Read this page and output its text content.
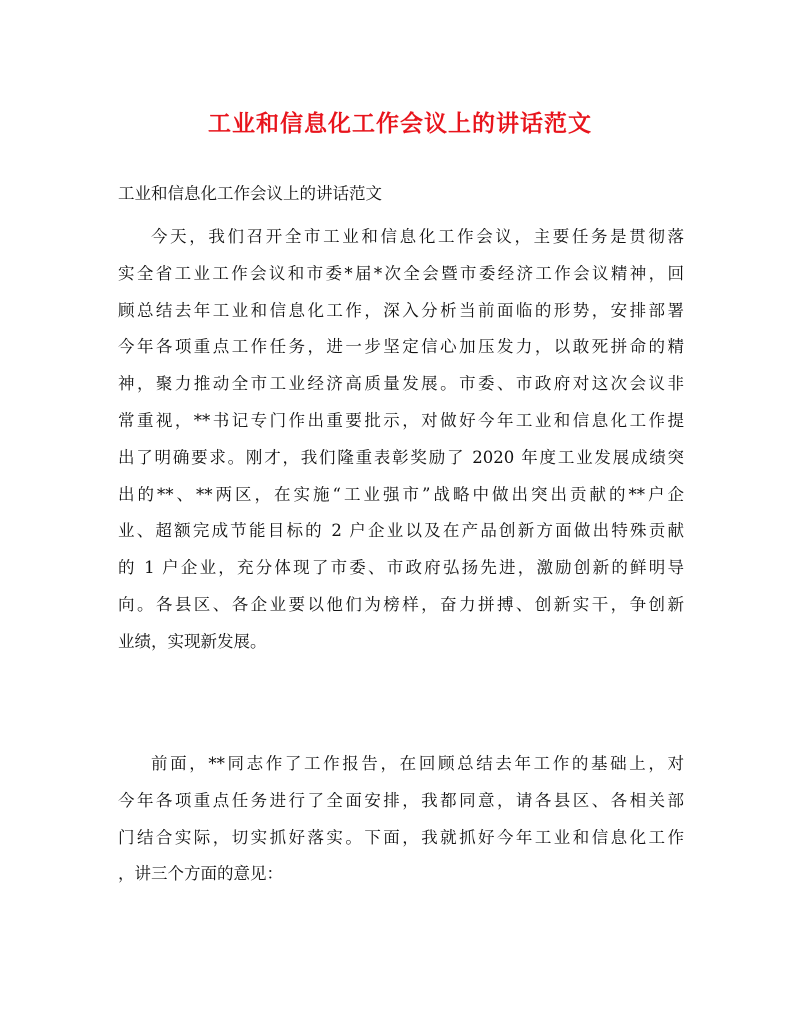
工业和信息化工作会议上的讲话范文
工业和信息化工作会议上的讲话范文
今天，我们召开全市工业和信息化工作会议，主要任务是贯彻落
实全省工业工作会议和市委*届*次全会暨市委经济工作会议精神，回
顾总结去年工业和信息化工作，深入分析当前面临的形势，安排部署
今年各项重点工作任务，进一步坚定信心加压发力，以敢死拼命的精
神，聚力推动全市工业经济高质量发展。市委、市政府对这次会议非
常重视，**书记专门作出重要批示，对做好今年工业和信息化工作提
出了明确要求。刚才，我们隆重表彰奖励了 2020 年度工业发展成绩突
出的**、**两区，在实施“工业强市”战略中做出突出贡献的**户企
业、超额完成节能目标的 2 户企业以及在产品创新方面做出特殊贡献
的 1 户企业，充分体现了市委、市政府弘扬先进，激励创新的鲜明导
向。各县区、各企业要以他们为榜样，奋力拼搏、创新实干，争创新
业绩，实现新发展。
前面，**同志作了工作报告，在回顾总结去年工作的基础上，对
今年各项重点任务进行了全面安排，我都同意，请各县区、各相关部
门结合实际，切实抓好落实。下面，我就抓好今年工业和信息化工作
，讲三个方面的意见：
